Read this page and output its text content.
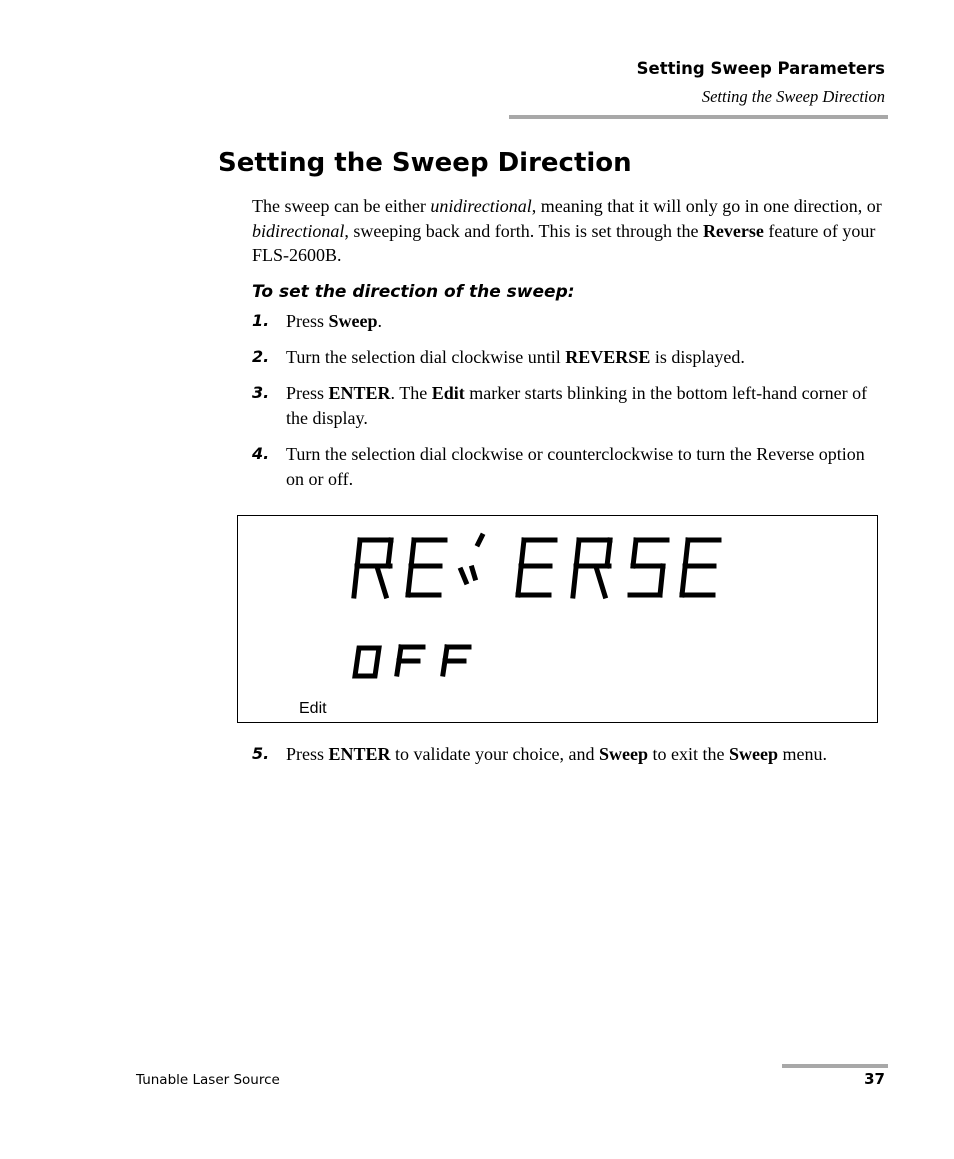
Setting Sweep Parameters
Setting the Sweep Direction
Setting the Sweep Direction

The sweep can be either unidirectional, meaning that it will only go in one direction, or bidirectional, sweeping back and forth. This is set through the Reverse feature of your FLS-2600B.

To set the direction of the sweep:
1. Press Sweep.
2. Turn the selection dial clockwise until REVERSE is displayed.
3. Press ENTER. The Edit marker starts blinking in the bottom left-hand corner of the display.
4. Turn the selection dial clockwise or counterclockwise to turn the Reverse option on or off.
Edit
5. Press ENTER to validate your choice, and Sweep to exit the Sweep menu.
Tunable Laser Source	37
